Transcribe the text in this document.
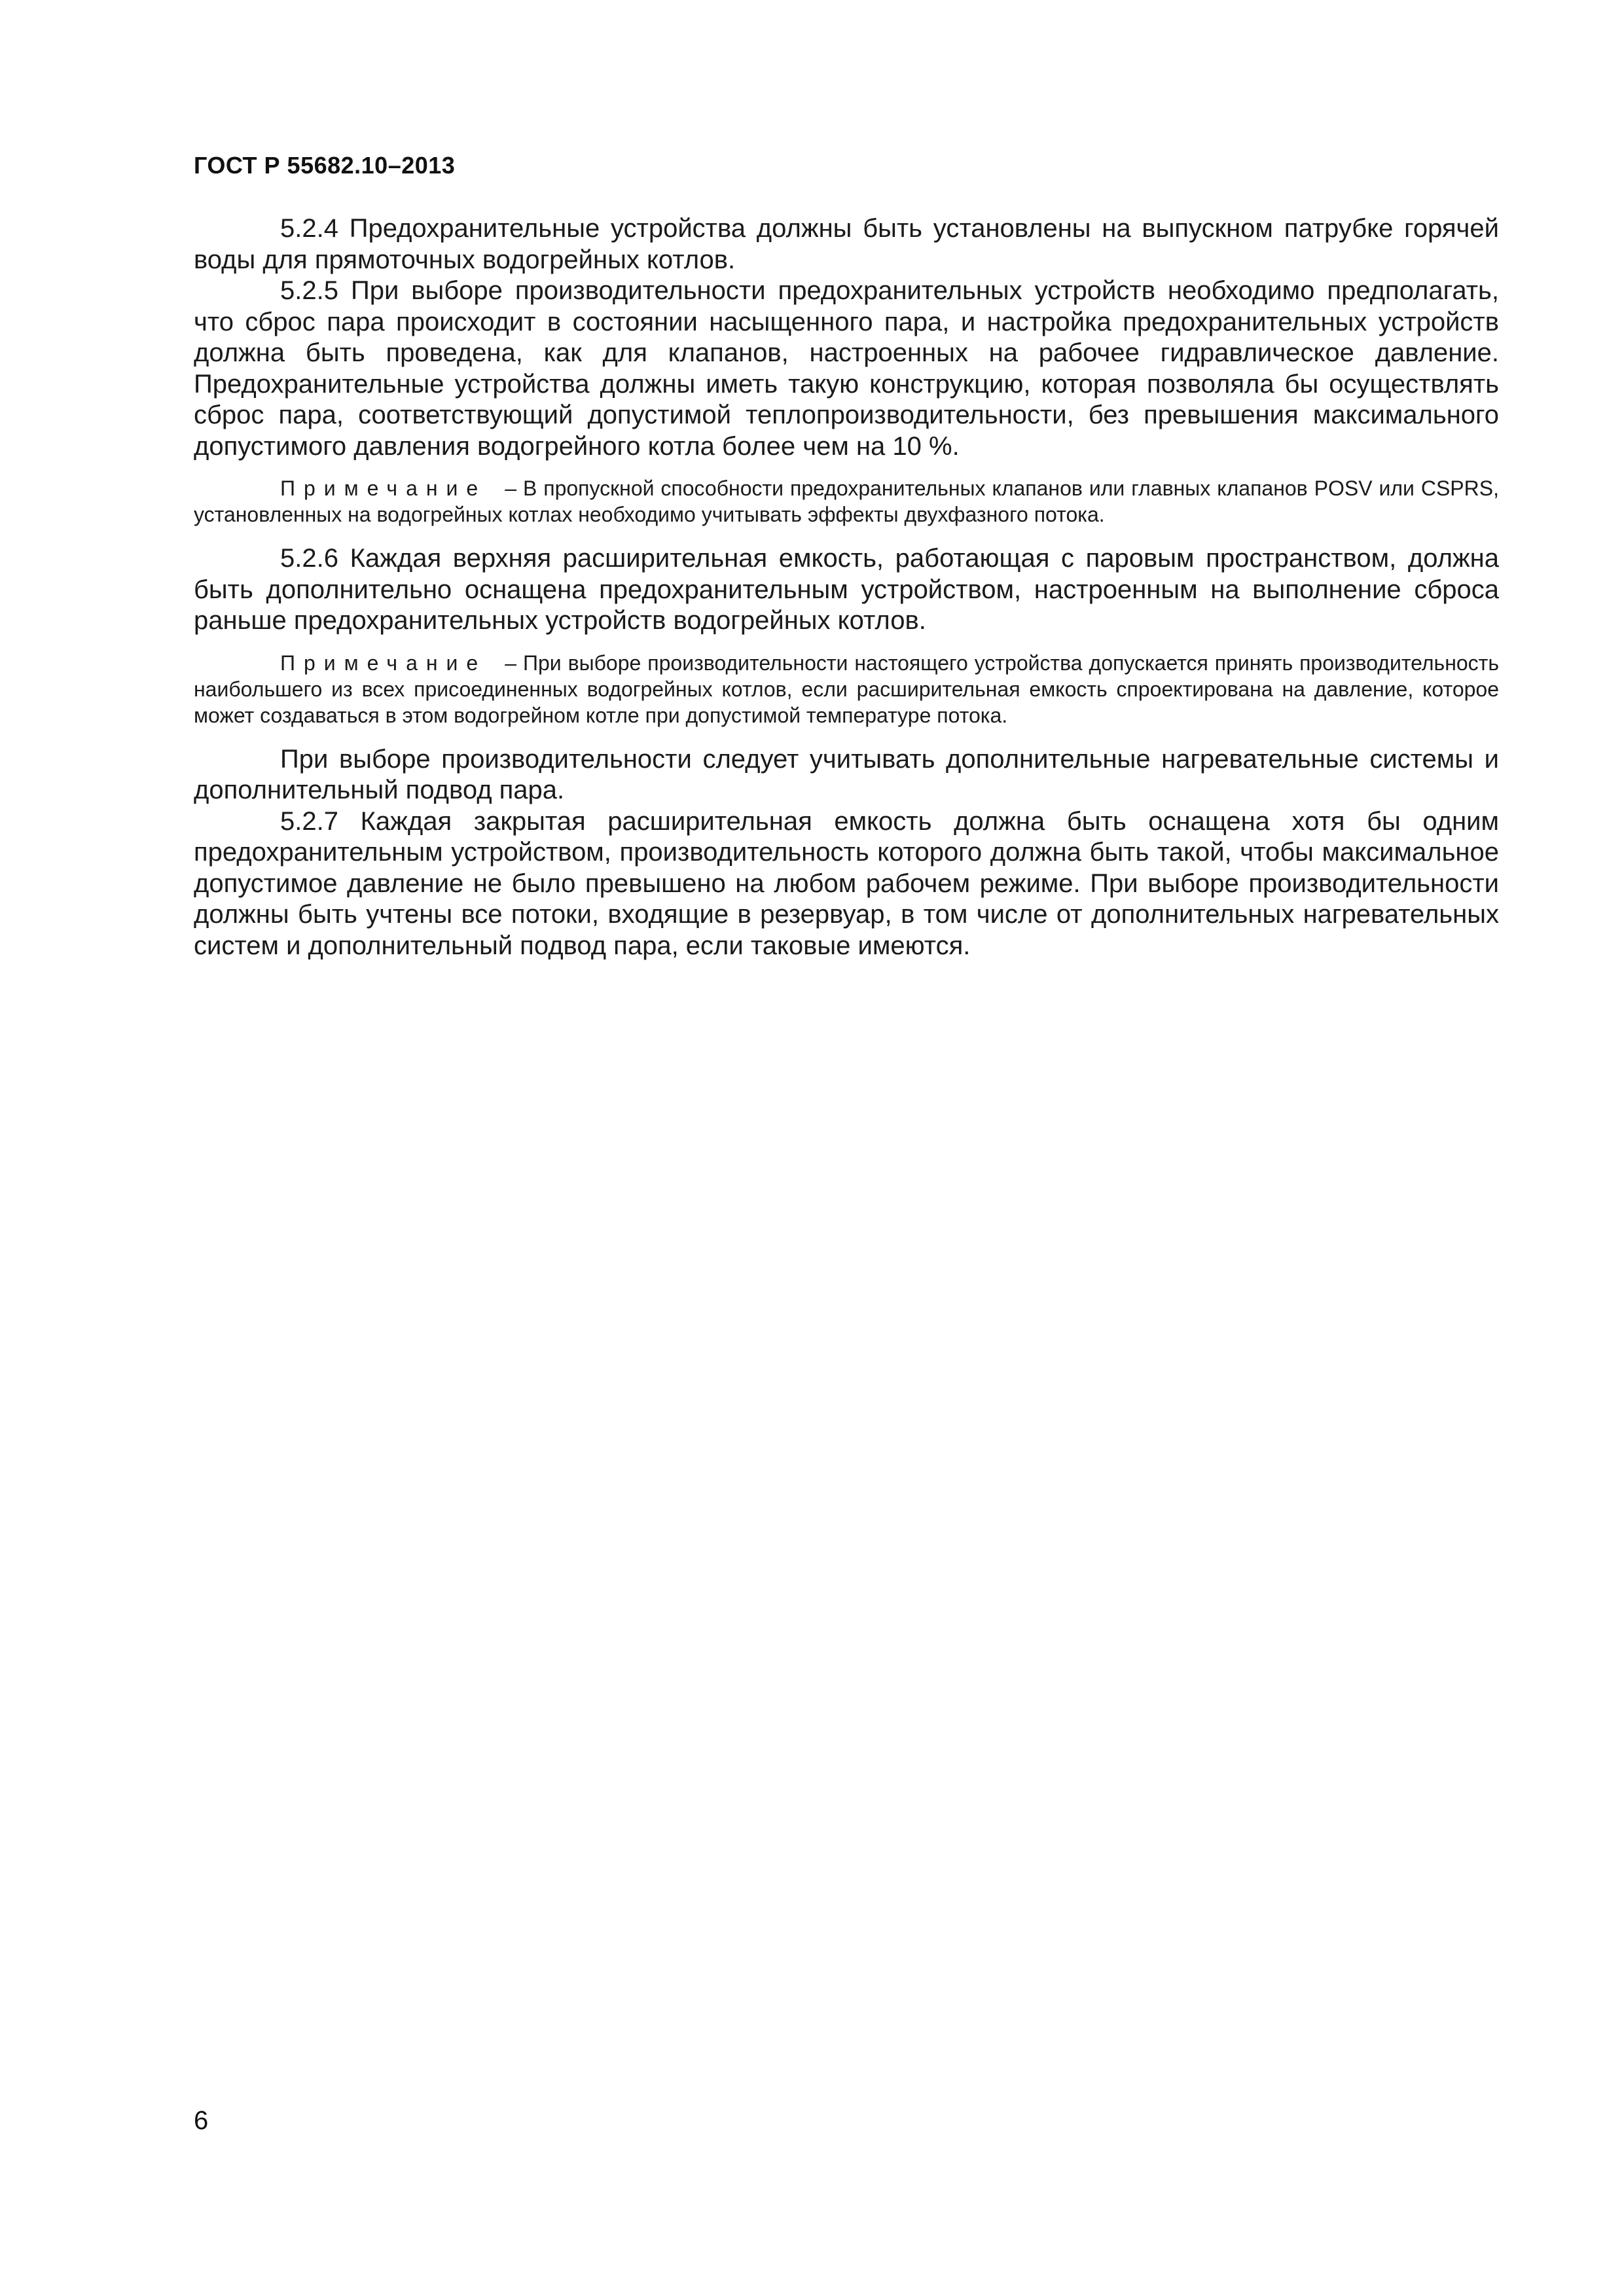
ГОСТ Р 55682.10–2013

5.2.4 Предохранительные устройства должны быть установлены на выпускном патрубке горячей воды для прямоточных водогрейных котлов.

5.2.5 При выборе производительности предохранительных устройств необходимо предполагать, что сброс пара происходит в состоянии насыщенного пара, и настройка предохранительных устройств должна быть проведена, как для клапанов, настроенных на рабочее гидравлическое давление. Предохранительные устройства должны иметь такую конструкцию, которая позволяла бы осуществлять сброс пара, соответствующий допустимой теплопроизводительности, без превышения максимального допустимого давления водогрейного котла более чем на 10 %.

Примечание – В пропускной способности предохранительных клапанов или главных клапанов POSV или CSPRS, установленных на водогрейных котлах необходимо учитывать эффекты двухфазного потока.

5.2.6 Каждая верхняя расширительная емкость, работающая с паровым пространством, должна быть дополнительно оснащена предохранительным устройством, настроенным на выполнение сброса раньше предохранительных устройств водогрейных котлов.

Примечание – При выборе производительности настоящего устройства допускается принять производительность наибольшего из всех присоединенных водогрейных котлов, если расширительная емкость спроектирована на давление, которое может создаваться в этом водогрейном котле при допустимой температуре потока.

При выборе производительности следует учитывать дополнительные нагревательные системы и дополнительный подвод пара.

5.2.7 Каждая закрытая расширительная емкость должна быть оснащена хотя бы одним предохранительным устройством, производительность которого должна быть такой, чтобы максимальное допустимое давление не было превышено на любом рабочем режиме. При выборе производительности должны быть учтены все потоки, входящие в резервуар, в том числе от дополнительных нагревательных систем и дополнительный подвод пара, если таковые имеются.

6
